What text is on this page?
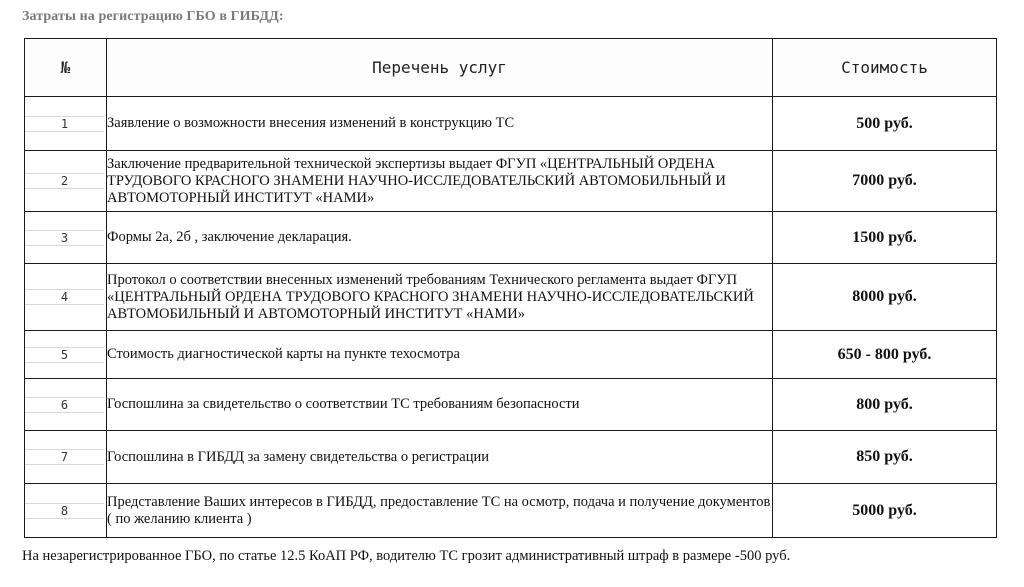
Затраты на регистрацию ГБО в ГИБДД:
№	Перечень услуг	Стоимость

1	Заявление о возможности внесения изменений в конструкцию ТС	500 руб.

2	Заключение предварительной технической экспертизы выдает ФГУП «ЦЕНТРАЛЬНЫЙ ОРДЕНА ТРУДОВОГО КРАСНОГО ЗНАМЕНИ НАУЧНО-ИССЛЕДОВАТЕЛЬСКИЙ АВТОМОБИЛЬНЫЙ И АВТОМОТОРНЫЙ ИНСТИТУТ «НАМИ»	7000 руб.

3	Формы 2а, 2б , заключение декларация.	1500 руб.

4	Протокол о соответствии внесенных изменений требованиям Технического регламента выдает ФГУП «ЦЕНТРАЛЬНЫЙ ОРДЕНА ТРУДОВОГО КРАСНОГО ЗНАМЕНИ НАУЧНО-ИССЛЕДОВАТЕЛЬСКИЙ АВТОМОБИЛЬНЫЙ И АВТОМОТОРНЫЙ ИНСТИТУТ «НАМИ»	8000 руб.

5	Стоимость диагностической карты на пункте техосмотра	650 - 800 руб.

6	Госпошлина за свидетельство о соответствии ТС требованиям безопасности	800 руб.

7	Госпошлина в ГИБДД за замену свидетельства о регистрации	850 руб.

8	Представление Ваших интересов в ГИБДД, предоставление ТС на осмотр, подача и получение документов ( по желанию клиента )	5000 руб.
На незарегистрированное ГБО, по статье 12.5 КоАП РФ, водителю ТС грозит административный штраф в размере -500 руб.
